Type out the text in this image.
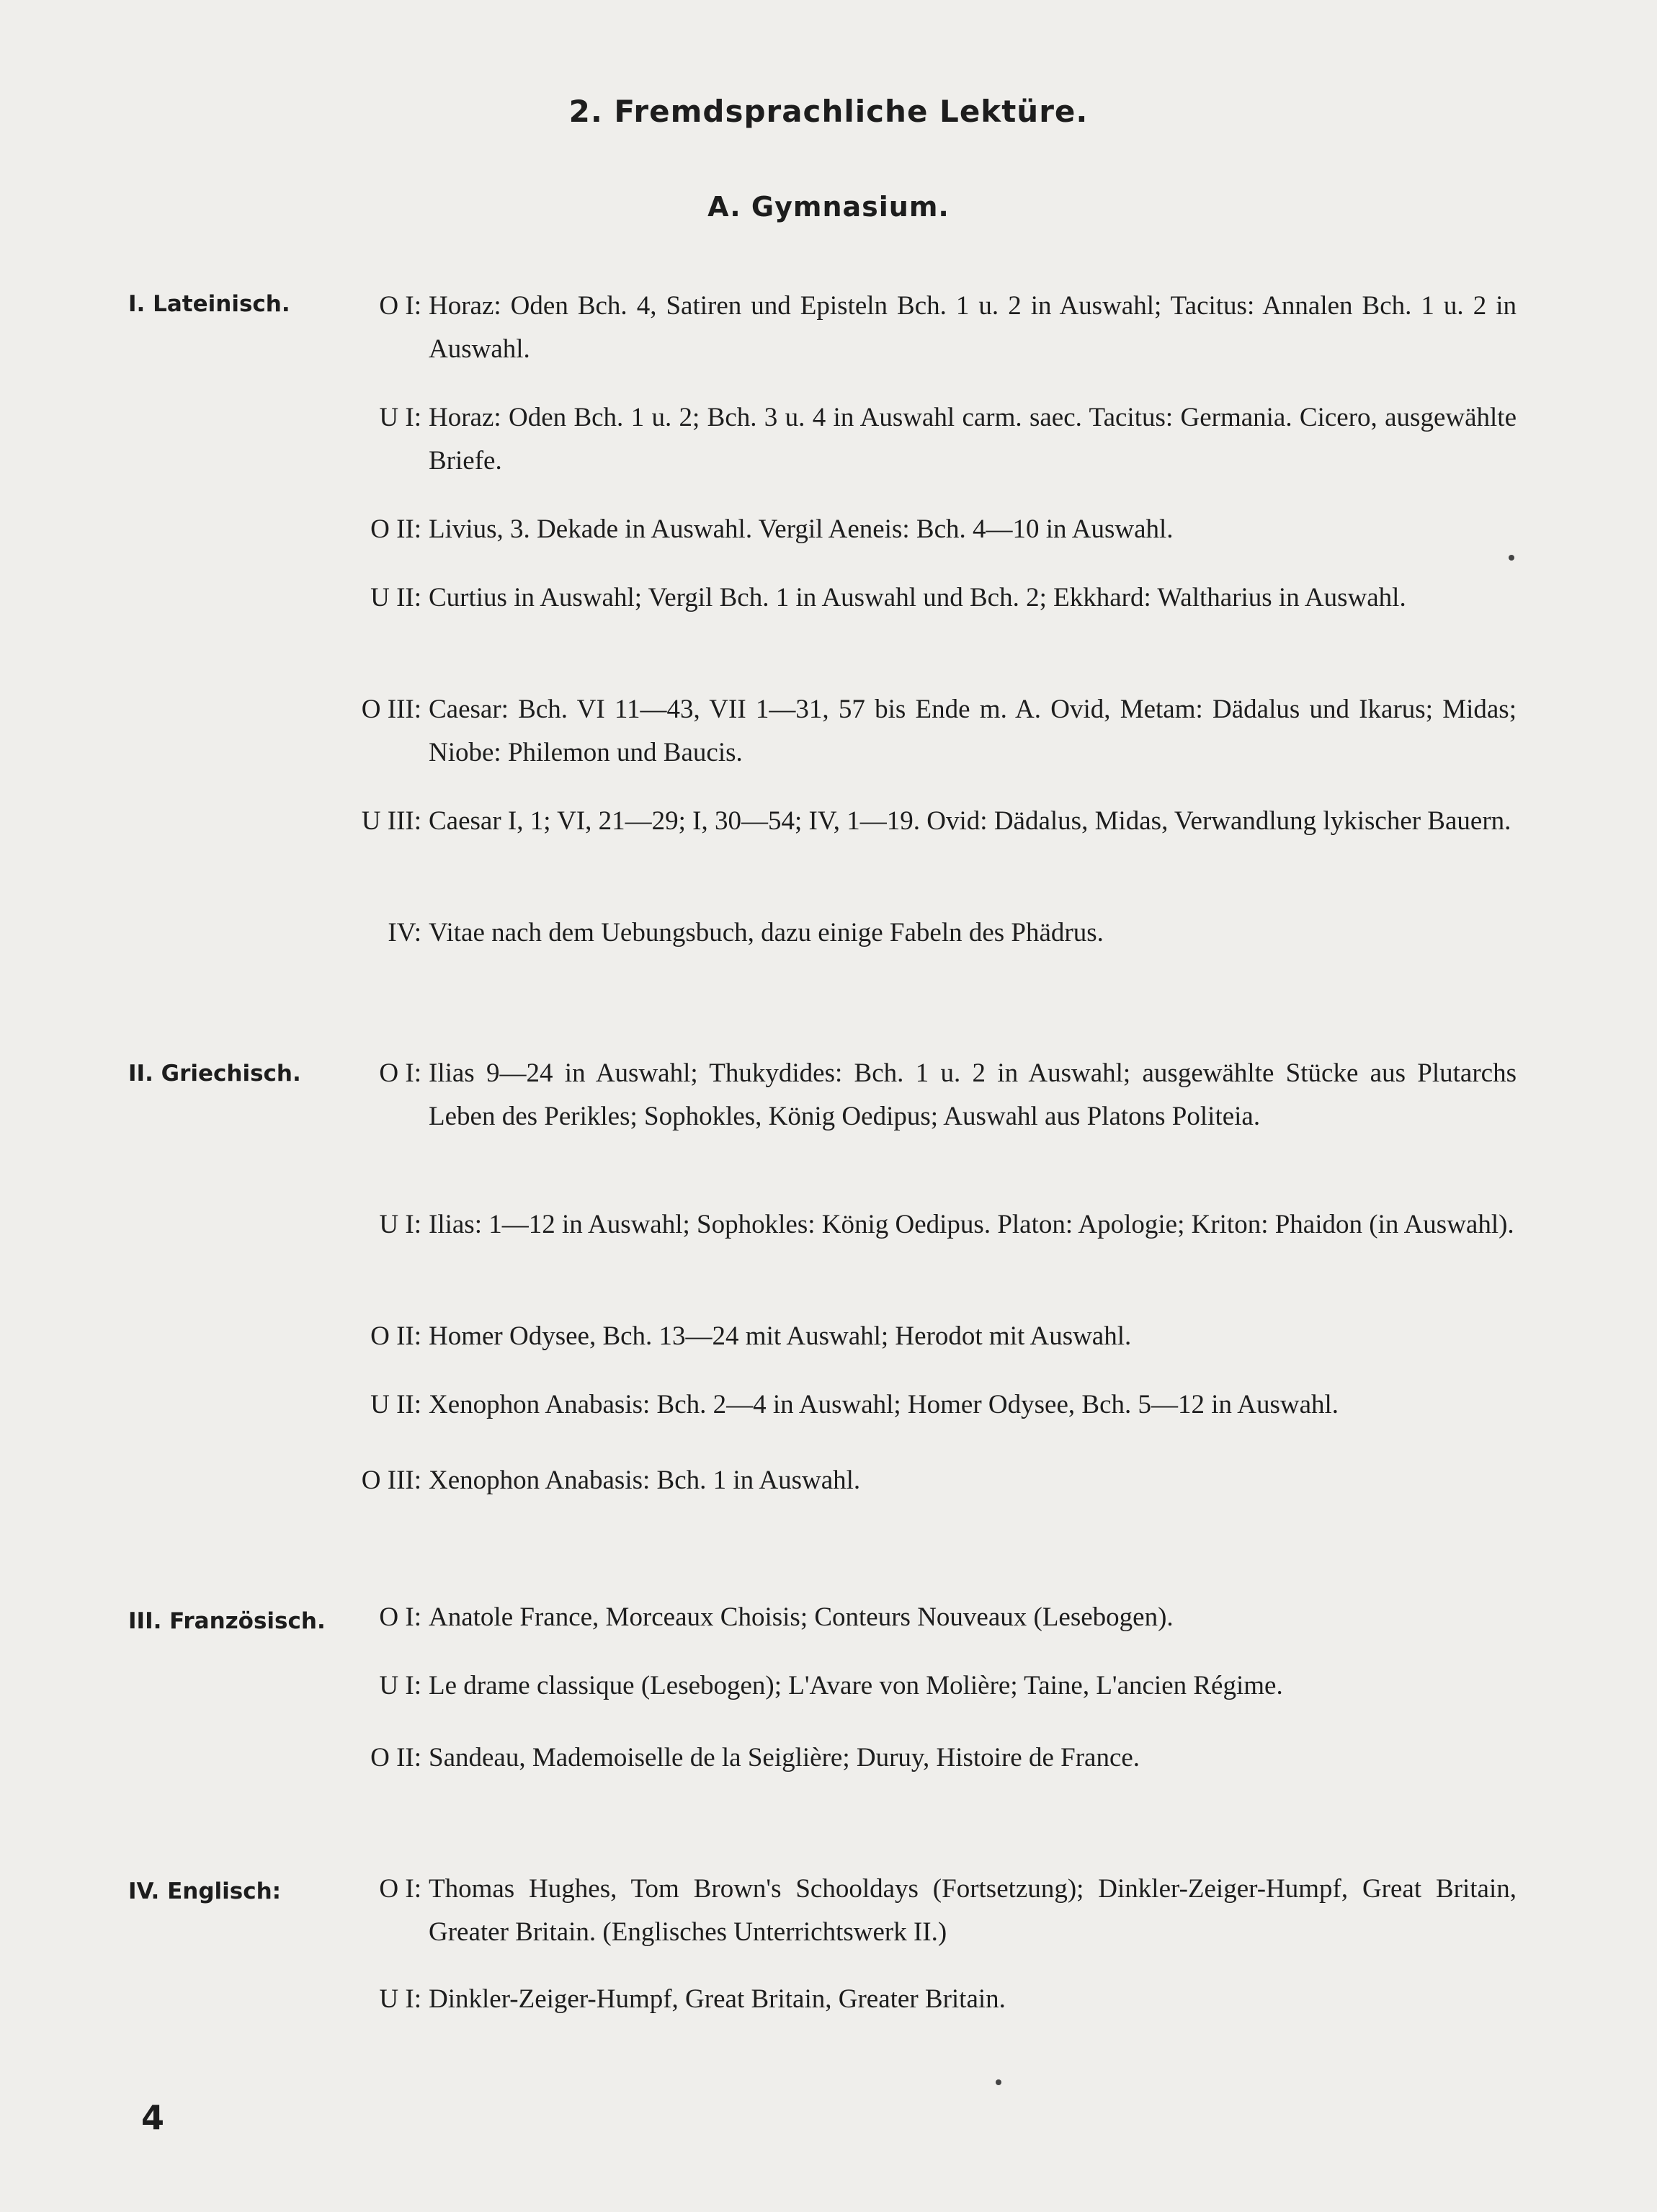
2. Fremdsprachliche Lektüre.
A. Gymnasium.
I. Lateinisch.	O I: Horaz: Oden Bch. 4, Satiren und Episteln Bch. 1 u. 2 in Auswahl; Tacitus: Annalen Bch. 1 u. 2 in Auswahl.
U I: Horaz: Oden Bch. 1 u. 2; Bch. 3 u. 4 in Auswahl carm. saec. Tacitus: Germania. Cicero, ausgewählte Briefe.
O II: Livius, 3. Dekade in Auswahl. Vergil Aeneis: Bch. 4—10 in Auswahl.
U II: Curtius in Auswahl; Vergil Bch. 1 in Auswahl und Bch. 2; Ekkhard: Waltharius in Auswahl.
O III: Caesar: Bch. VI 11—43, VII 1—31, 57 bis Ende m. A. Ovid, Metam: Dädalus und Ikarus; Midas; Niobe: Philemon und Baucis.
U III: Caesar I, 1; VI, 21—29; I, 30—54; IV, 1—19. Ovid: Dädalus, Midas, Verwandlung lykischer Bauern.
IV: Vitae nach dem Uebungsbuch, dazu einige Fabeln des Phädrus.
II. Griechisch.	O I: Ilias 9—24 in Auswahl; Thukydides: Bch. 1 u. 2 in Auswahl; ausgewählte Stücke aus Plutarchs Leben des Perikles; Sophokles, König Oedipus; Auswahl aus Platons Politeia.
U I: Ilias: 1—12 in Auswahl; Sophokles: König Oedipus. Platon: Apologie; Kriton: Phaidon (in Auswahl).
O II: Homer Odysee, Bch. 13—24 mit Auswahl; Herodot mit Auswahl.
U II: Xenophon Anabasis: Bch. 2—4 in Auswahl; Homer Odysee, Bch. 5—12 in Auswahl.
O III: Xenophon Anabasis: Bch. 1 in Auswahl.
III. Französisch.	O I: Anatole France, Morceaux Choisis; Conteurs Nouveaux (Lesebogen).
U I: Le drame classique (Lesebogen); L'Avare von Molière; Taine, L'ancien Régime.
O II: Sandeau, Mademoiselle de la Seiglière; Duruy, Histoire de France.
IV. Englisch:	O I: Thomas Hughes, Tom Brown's Schooldays (Fortsetzung); Dinkler-Zeiger-Humpf, Great Britain, Greater Britain. (Englisches Unterrichtswerk II.)
U I: Dinkler-Zeiger-Humpf, Great Britain, Greater Britain.
4
